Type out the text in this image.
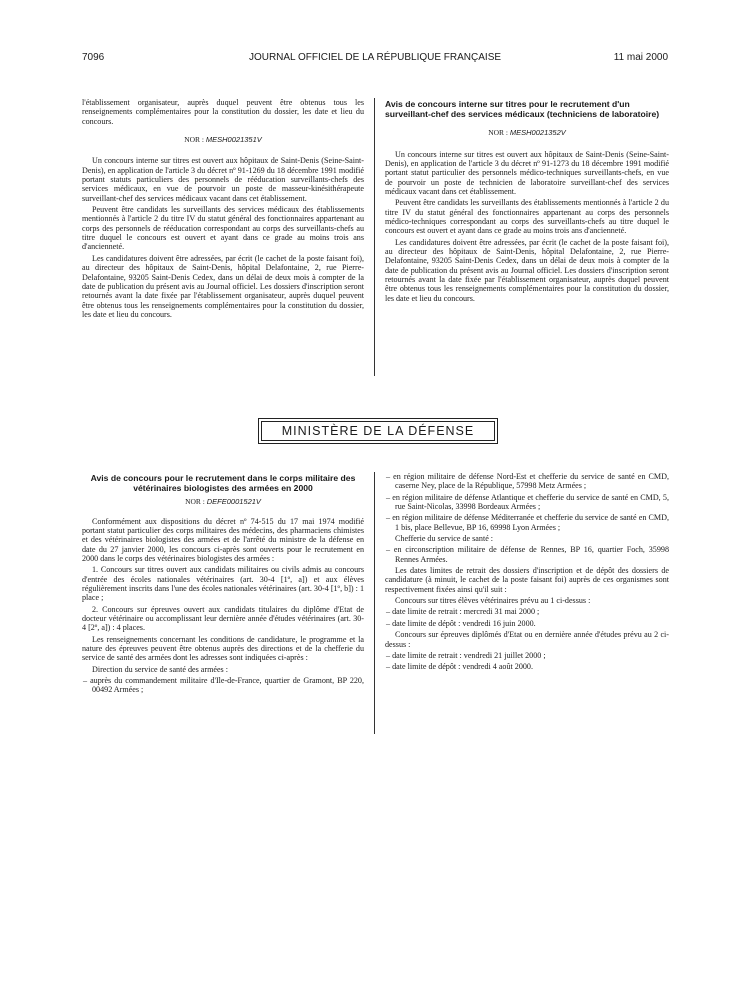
7096	JOURNAL OFFICIEL DE LA RÉPUBLIQUE FRANÇAISE	11 mai 2000

l'établissement organisateur, auprès duquel peuvent être obtenus tous les renseignements complémentaires pour la constitution du dossier, les date et lieu du concours.

NOR : MESH0021351V

Un concours interne sur titres est ouvert aux hôpitaux de Saint-Denis (Seine-Saint-Denis), en application de l'article 3 du décret nº 91-1269 du 18 décembre 1991 modifié portant statuts particuliers des personnels de rééducation surveillants-chefs des services médicaux, en vue de pourvoir un poste de masseur-kinésithérapeute surveillant-chef des services médicaux vacant dans cet établissement.

Peuvent être candidats les surveillants des services médicaux des établissements mentionnés à l'article 2 du titre IV du statut général des fonctionnaires appartenant au corps des personnels de rééducation correspondant au corps des surveillants-chefs au titre duquel le concours est ouvert et ayant dans ce grade au moins trois ans d'ancienneté.

Les candidatures doivent être adressées, par écrit (le cachet de la poste faisant foi), au directeur des hôpitaux de Saint-Denis, hôpital Delafontaine, 2, rue Pierre-Delafontaine, 93205 Saint-Denis Cedex, dans un délai de deux mois à compter de la date de publication du présent avis au Journal officiel. Les dossiers d'inscription seront retournés avant la date fixée par l'établissement organisateur, auprès duquel peuvent être obtenus tous les renseignements complémentaires pour la constitution du dossier, les date et lieu du concours.

Avis de concours interne sur titres pour le recrutement d'un surveillant-chef des services médicaux (techniciens de laboratoire)
NOR : MESH0021352V

Un concours interne sur titres est ouvert aux hôpitaux de Saint-Denis (Seine-Saint-Denis), en application de l'article 3 du décret nº 91-1273 du 18 décembre 1991 modifié portant statut particulier des personnels médico-techniques surveillants-chefs, en vue de pourvoir un poste de technicien de laboratoire surveillant-chef des services médicaux vacant dans cet établissement.

Peuvent être candidats les surveillants des établissements mentionnés à l'article 2 du titre IV du statut général des fonctionnaires appartenant au corps des personnels médico-techniques correspondant au corps des surveillants-chefs au titre duquel le concours est ouvert et ayant dans ce grade au moins trois ans d'ancienneté.

Les candidatures doivent être adressées, par écrit (le cachet de la poste faisant foi), au directeur des hôpitaux de Saint-Denis, hôpital Delafontaine, 2, rue Pierre-Delafontaine, 93205 Saint-Denis Cedex, dans un délai de deux mois à compter de la date de publication du présent avis au Journal officiel. Les dossiers d'inscription seront retournés avant la date fixée par l'établissement organisateur, auprès duquel peuvent être obtenus tous les renseignements complémentaires pour la constitution du dossier, les date et lieu du concours.

MINISTÈRE DE LA DÉFENSE
Avis de concours pour le recrutement dans le corps militaire des vétérinaires biologistes des armées en 2000
NOR : DEFE0001521V

Conformément aux dispositions du décret nº 74-515 du 17 mai 1974 modifié portant statut particulier des corps militaires des médecins, des pharmaciens chimistes et des vétérinaires biologistes des armées et de l'arrêté du ministre de la défense en date du 27 janvier 2000, les concours ci-après sont ouverts pour le recrutement en 2000 dans le corps des vétérinaires biologistes des armées :

1. Concours sur titres ouvert aux candidats militaires ou civils admis au concours d'entrée des écoles nationales vétérinaires (art. 30-4 [1º, a]) et aux élèves régulièrement inscrits dans l'une des écoles nationales vétérinaires (art. 30-4 [1º, b]) : 1 place ;

2. Concours sur épreuves ouvert aux candidats titulaires du diplôme d'Etat de docteur vétérinaire ou accomplissant leur dernière année d'études vétérinaires (art. 30-4 [2º, a]) : 4 places.

Les renseignements concernant les conditions de candidature, le programme et la nature des épreuves peuvent être obtenus auprès des directions et de la chefferie du service de santé des armées dont les adresses sont indiquées ci-après :

Direction du service de santé des armées :

– auprès du commandement militaire d'Ile-de-France, quartier de Gramont, BP 220, 00492 Armées ;

– en région militaire de défense Nord-Est et chefferie du service de santé en CMD, caserne Ney, place de la République, 57998 Metz Armées ;

– en région militaire de défense Atlantique et chefferie du service de santé en CMD, 5, rue Saint-Nicolas, 33998 Bordeaux Armées ;

– en région militaire de défense Méditerranée et chefferie du service de santé en CMD, 1 bis, place Bellevue, BP 16, 69998 Lyon Armées ;

Chefferie du service de santé :

– en circonscription militaire de défense de Rennes, BP 16, quartier Foch, 35998 Rennes Armées.

Les dates limites de retrait des dossiers d'inscription et de dépôt des dossiers de candidature (à minuit, le cachet de la poste faisant foi) auprès de ces organismes sont respectivement fixées ainsi qu'il suit :

Concours sur titres élèves vétérinaires prévu au 1 ci-dessus :

– date limite de retrait : mercredi 31 mai 2000 ;

– date limite de dépôt : vendredi 16 juin 2000.

Concours sur épreuves diplômés d'Etat ou en dernière année d'études prévu au 2 ci-dessus :

– date limite de retrait : vendredi 21 juillet 2000 ;

– date limite de dépôt : vendredi 4 août 2000.
